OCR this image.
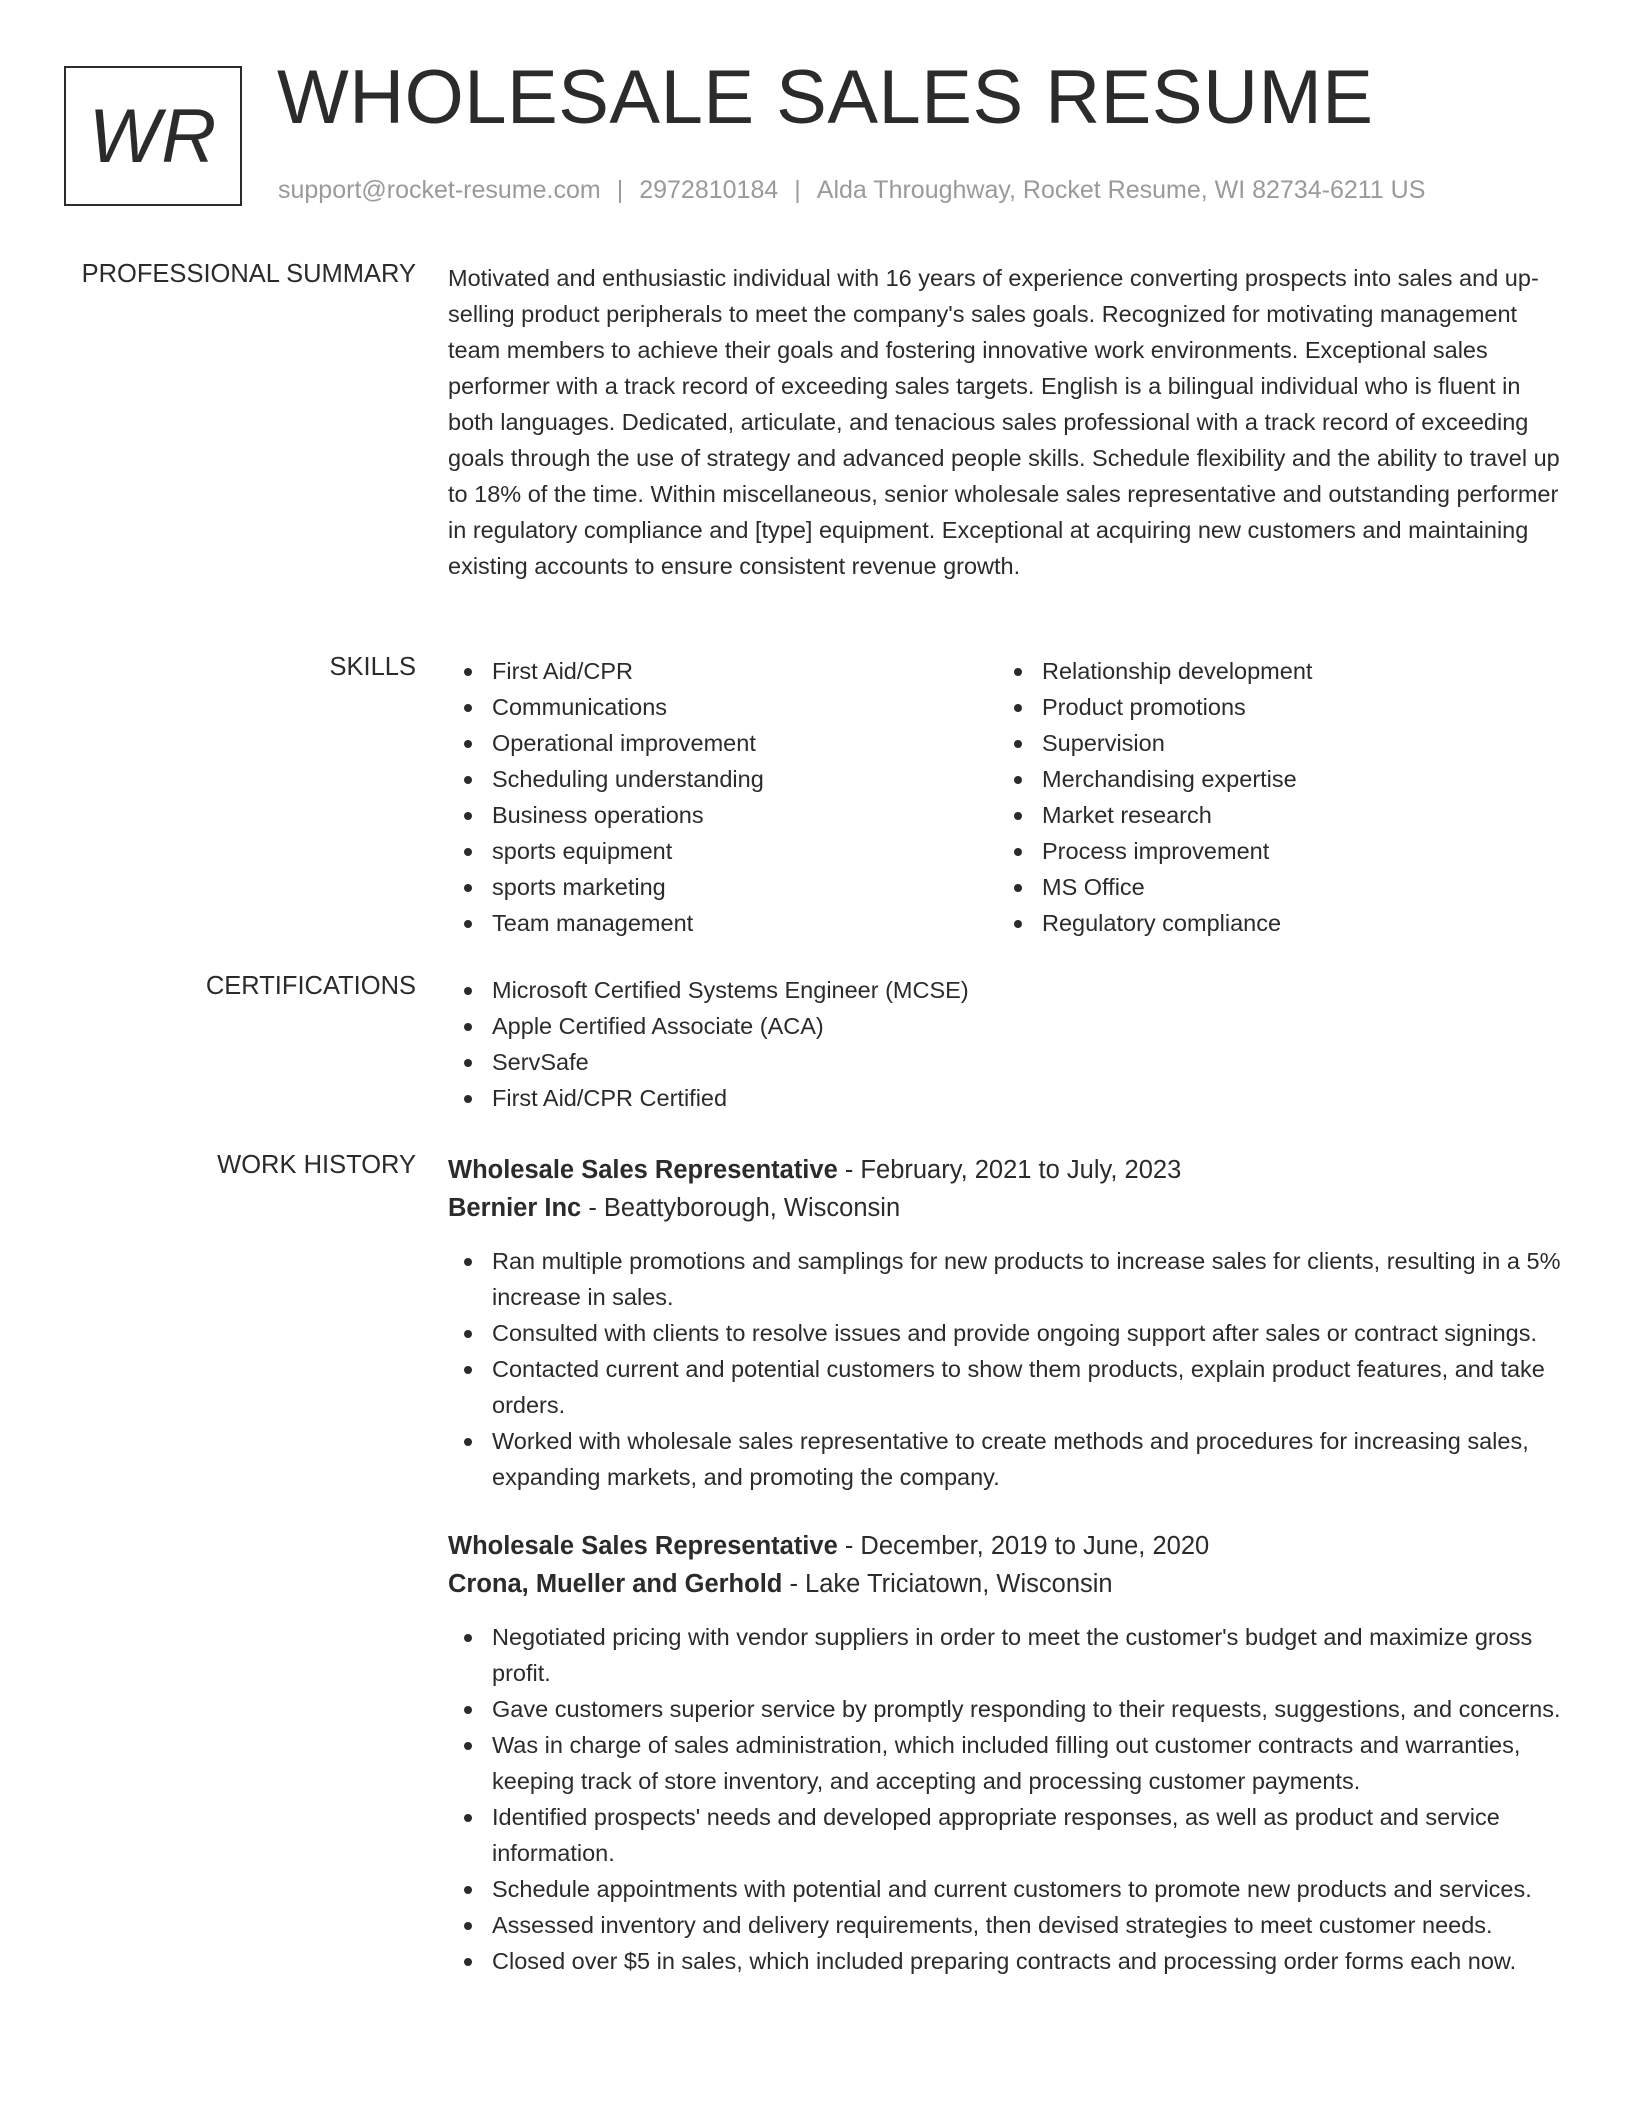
WR WHOLESALE SALES RESUME
support@rocket-resume.com | 2972810184 | Alda Throughway, Rocket Resume, WI 82734-6211 US
PROFESSIONAL SUMMARY Motivated and enthusiastic individual with 16 years of experience converting prospects into sales and up-selling product peripherals to meet the company's sales goals. Recognized for motivating management team members to achieve their goals and fostering innovative work environments. Exceptional sales performer with a track record of exceeding sales targets. English is a bilingual individual who is fluent in both languages. Dedicated, articulate, and tenacious sales professional with a track record of exceeding goals through the use of strategy and advanced people skills. Schedule flexibility and the ability to travel up to 18% of the time. Within miscellaneous, senior wholesale sales representative and outstanding performer in regulatory compliance and [type] equipment. Exceptional at acquiring new customers and maintaining existing accounts to ensure consistent revenue growth.
SKILLS	First Aid/CPR
Communications
Operational improvement
Scheduling understanding
Business operations
sports equipment
sports marketing
Team management
Relationship development
Product promotions
Supervision
Merchandising expertise
Market research
Process improvement
MS Office
Regulatory compliance
CERTIFICATIONS	Microsoft Certified Systems Engineer (MCSE)
Apple Certified Associate (ACA)
ServSafe
First Aid/CPR Certified
WORK HISTORY Wholesale Sales Representative - February, 2021 to July, 2023
Bernier Inc - Beattyborough, Wisconsin
Ran multiple promotions and samplings for new products to increase sales for clients, resulting in a 5% increase in sales.
Consulted with clients to resolve issues and provide ongoing support after sales or contract signings.
Contacted current and potential customers to show them products, explain product features, and take orders.
Worked with wholesale sales representative to create methods and procedures for increasing sales, expanding markets, and promoting the company.
Wholesale Sales Representative - December, 2019 to June, 2020
Crona, Mueller and Gerhold - Lake Triciatown, Wisconsin
Negotiated pricing with vendor suppliers in order to meet the customer's budget and maximize gross profit.
Gave customers superior service by promptly responding to their requests, suggestions, and concerns.
Was in charge of sales administration, which included filling out customer contracts and warranties, keeping track of store inventory, and accepting and processing customer payments.
Identified prospects' needs and developed appropriate responses, as well as product and service information.
Schedule appointments with potential and current customers to promote new products and services.
Assessed inventory and delivery requirements, then devised strategies to meet customer needs.
Closed over $5 in sales, which included preparing contracts and processing order forms each now.
